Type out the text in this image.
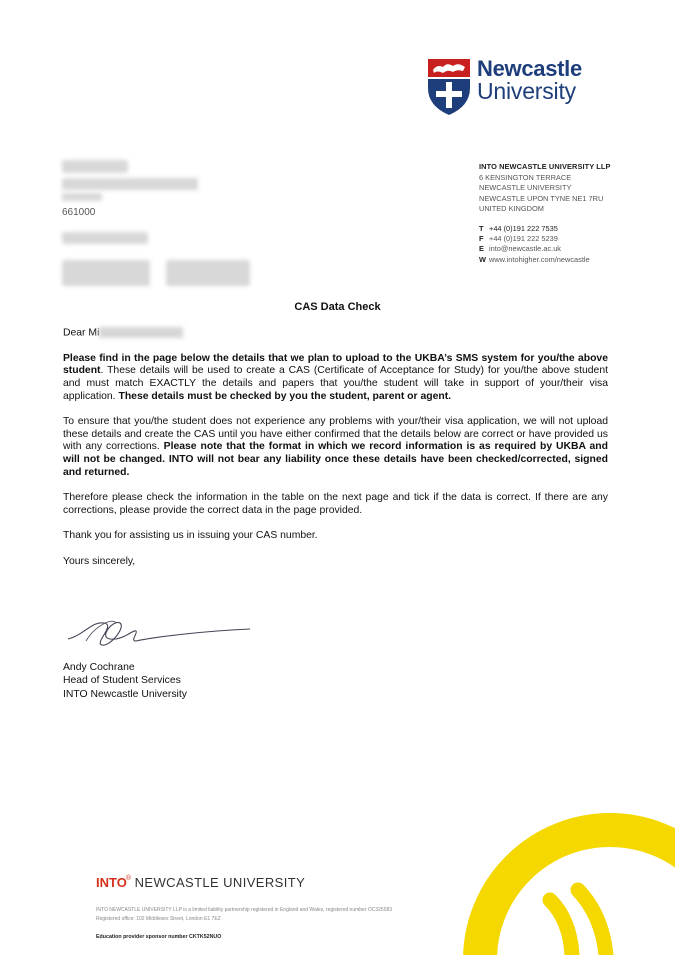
Newcastle
University
INTO NEWCASTLE UNIVERSITY LLP
6 KENSINGTON TERRACE
NEWCASTLE UNIVERSITY
NEWCASTLE UPON TYNE NE1 7RU
UNITED KINGDOM
T +44 (0)191 222 7535
F +44 (0)191 222 5239
E into@newcastle.ac.uk
W www.intohigher.com/newcastle
661000
CAS Data Check

Dear Mi

Please find in the page below the details that we plan to upload to the UKBA’s SMS system for you/the above student. These details will be used to create a CAS (Certificate of Acceptance for Study) for you/the above student and must match EXACTLY the details and papers that you/the student will take in support of your/their visa application. These details must be checked by you the student, parent or agent.

To ensure that you/the student does not experience any problems with your/their visa application, we will not upload these details and create the CAS until you have either confirmed that the details below are correct or have provided us with any corrections. Please note that the format in which we record information is as required by UKBA and will not be changed. INTO will not bear any liability once these details have been checked/corrected, signed and returned.

Therefore please check the information in the table on the next page and tick if the data is correct. If there are any corrections, please provide the correct data in the page provided.

Thank you for assisting us in issuing your CAS number.

Yours sincerely,

Andy Cochrane
Head of Student Services
INTO Newcastle University
INTO® NEWCASTLE UNIVERSITY
INTO NEWCASTLE UNIVERSITY LLP is a limited liability partnership registered in England and Wales, registered number OC325583
Registered office: 102 Middlesex Street, London E1 7EZ
Education provider sponsor number CKTK52NUO
